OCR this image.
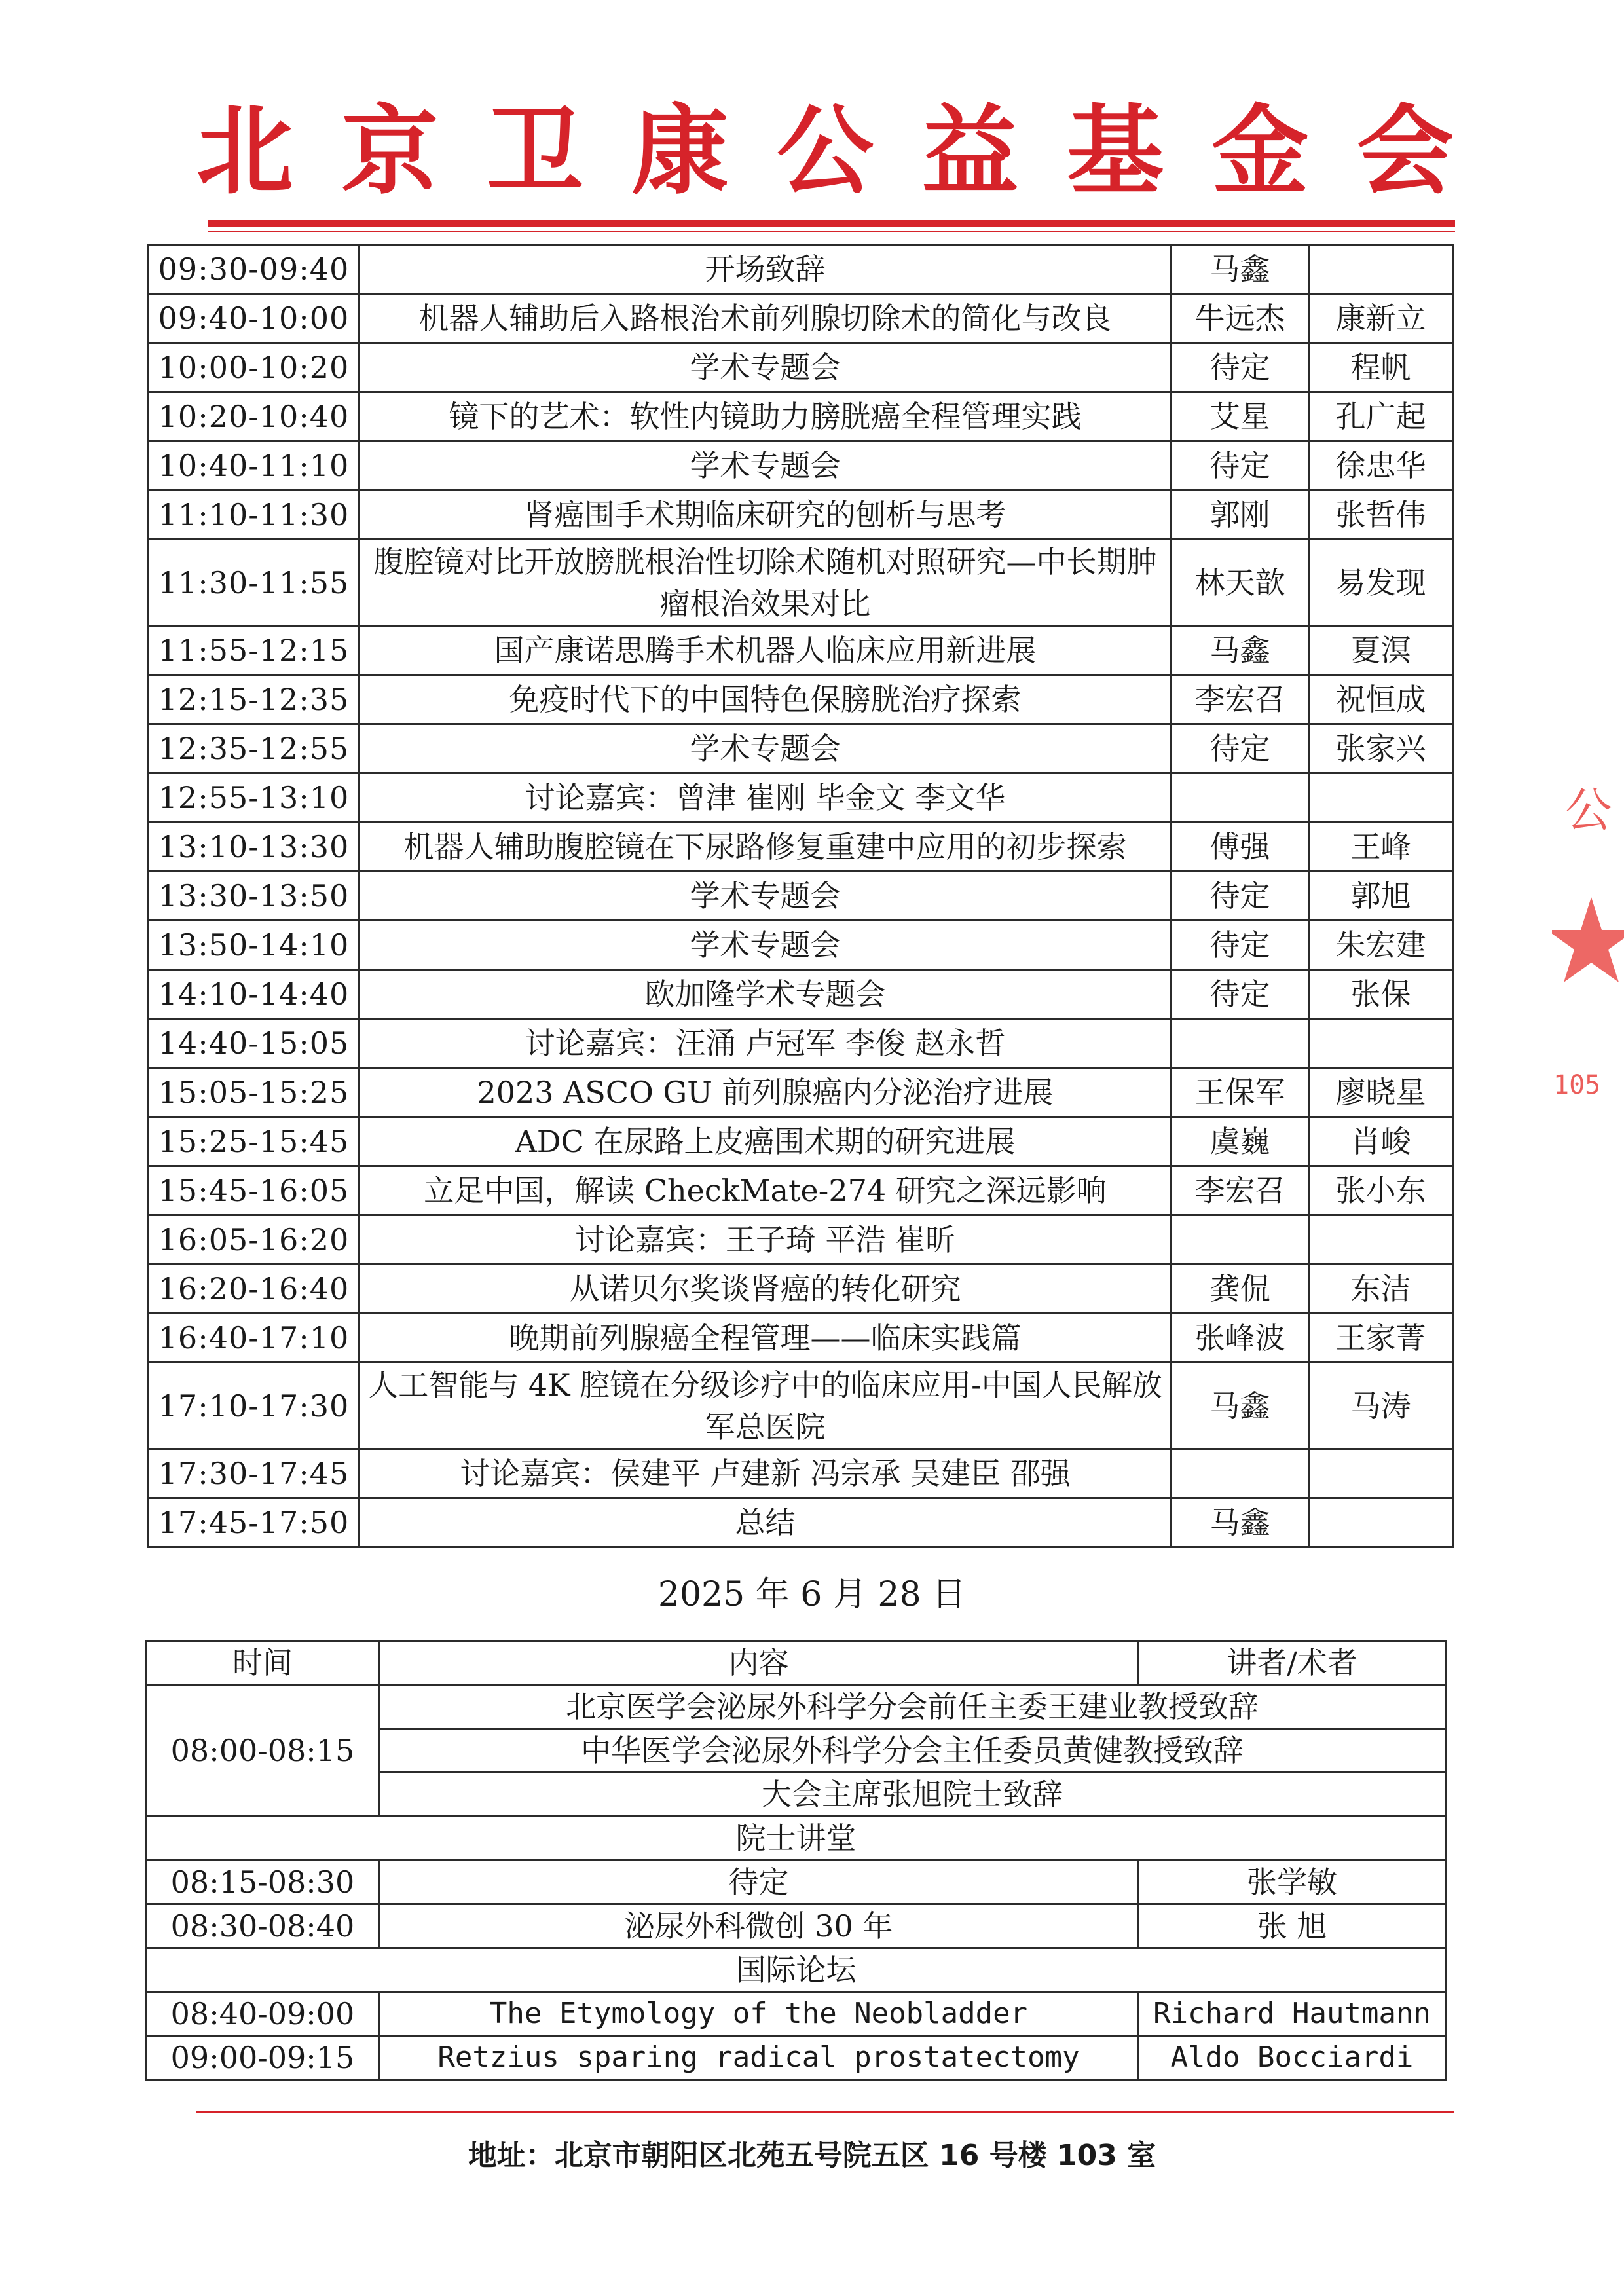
北 京 卫 康 公 益 基 金 会
09:30-09:40	开场致辞	马鑫	
09:40-10:00	机器人辅助后入路根治术前列腺切除术的简化与改良	牛远杰	康新立
10:00-10:20	学术专题会	待定	程帆
10:20-10:40	镜下的艺术：软性内镜助力膀胱癌全程管理实践	艾星	孔广起
10:40-11:10	学术专题会	待定	徐忠华
11:10-11:30	肾癌围手术期临床研究的刨析与思考	郭刚	张哲伟
11:30-11:55	腹腔镜对比开放膀胱根治性切除术随机对照研究—中长期肿瘤根治效果对比	林天歆	易发现
11:55-12:15	国产康诺思腾手术机器人临床应用新进展	马鑫	夏溟
12:15-12:35	免疫时代下的中国特色保膀胱治疗探索	李宏召	祝恒成
12:35-12:55	学术专题会	待定	张家兴
12:55-13:10	讨论嘉宾：曾津 崔刚 毕金文 李文华		
13:10-13:30	机器人辅助腹腔镜在下尿路修复重建中应用的初步探索	傅强	王峰
13:30-13:50	学术专题会	待定	郭旭
13:50-14:10	学术专题会	待定	朱宏建
14:10-14:40	欧加隆学术专题会	待定	张保
14:40-15:05	讨论嘉宾：汪涌 卢冠军 李俊 赵永哲		
15:05-15:25	2023 ASCO GU 前列腺癌内分泌治疗进展	王保军	廖晓星
15:25-15:45	ADC 在尿路上皮癌围术期的研究进展	虞巍	肖峻
15:45-16:05	立足中国，解读 CheckMate-274 研究之深远影响	李宏召	张小东
16:05-16:20	讨论嘉宾：王子琦 平浩 崔昕		
16:20-16:40	从诺贝尔奖谈肾癌的转化研究	龚侃	东洁
16:40-17:10	晚期前列腺癌全程管理——临床实践篇	张峰波	王家菁
17:10-17:30	人工智能与 4K 腔镜在分级诊疗中的临床应用-中国人民解放军总医院	马鑫	马涛
17:30-17:45	讨论嘉宾：侯建平 卢建新 冯宗承 吴建臣 邵强		
17:45-17:50	总结	马鑫	
2025 年 6 月 28 日
时间	内容	讲者/术者
08:00-08:15	北京医学会泌尿外科学分会前任主委王建业教授致辞	
	中华医学会泌尿外科学分会主任委员黄健教授致辞	
	大会主席张旭院士致辞	
院士讲堂		
08:15-08:30	待定	张学敏
08:30-08:40	泌尿外科微创 30 年	张 旭
国际论坛		
08:40-09:00	The Etymology of the Neobladder	Richard Hautmann
09:00-09:15	Retzius sparing radical prostatectomy	Aldo Bocciardi
公
105
地址：北京市朝阳区北苑五号院五区 16 号楼 103 室
